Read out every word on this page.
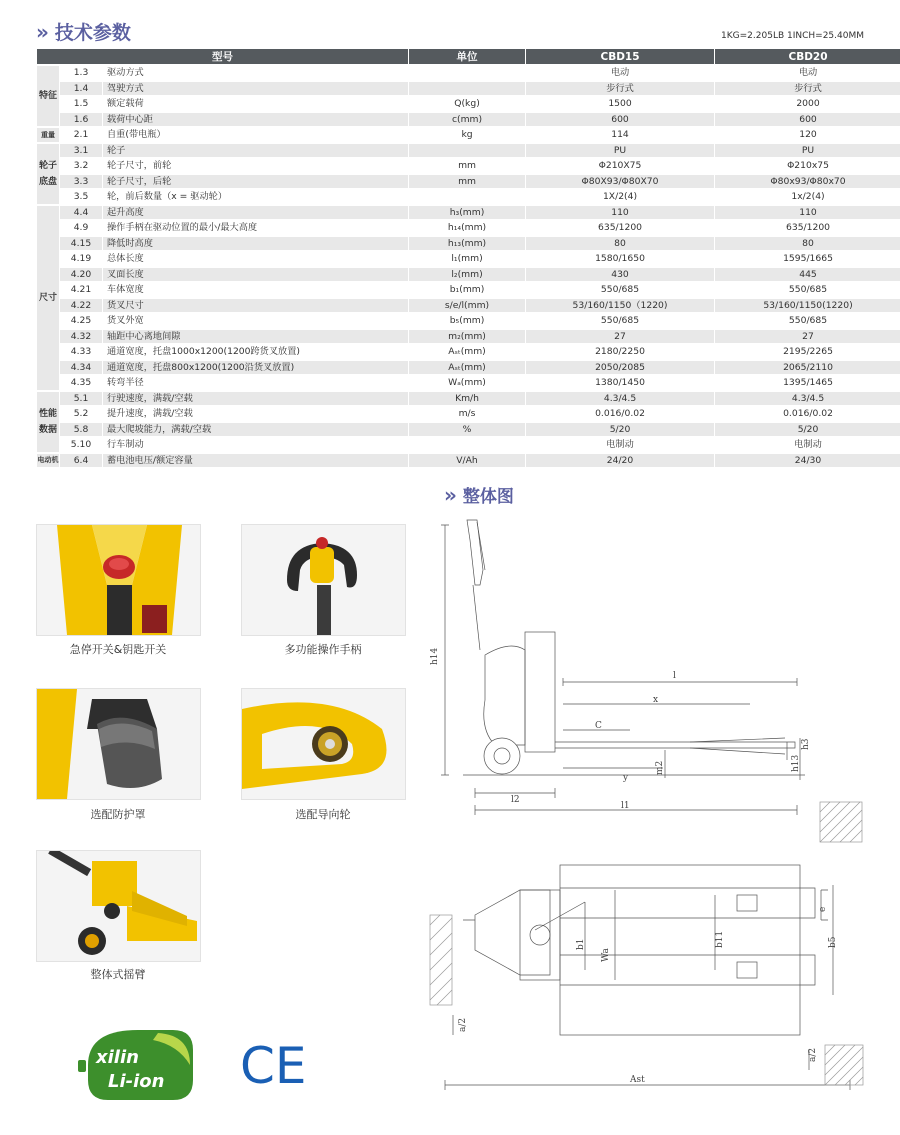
» 技术参数	1KG=2.205LB 1INCH=25.40MM
型号			单位	CBD15	CBD20
特征	1.3	驱动方式		电动	电动
	1.4	驾驶方式		步行式	步行式
	1.5	额定载荷	Q(kg)	1500	2000
	1.6	载荷中心距	c(mm)	600	600
重量	2.1	自重(带电瓶）	kg	114	120
轮子底盘	3.1	轮子		PU	PU
	3.2	轮子尺寸，前轮	mm	Φ210X75	Φ210x75
	3.3	轮子尺寸，后轮	mm	Φ80X93/Φ80X70	Φ80x93/Φ80x70
	3.5	轮，前后数量（x = 驱动轮）		1X/2(4)	1x/2(4)
尺寸	4.4	起升高度	h₃(mm)	110	110
	4.9	操作手柄在驱动位置的最小/最大高度	h₁₄(mm)	635/1200	635/1200
	4.15	降低时高度	h₁₃(mm)	80	80
	4.19	总体长度	l₁(mm)	1580/1650	1595/1665
	4.20	叉面长度	l₂(mm)	430	445
	4.21	车体宽度	b₁(mm)	550/685	550/685
	4.22	货叉尺寸	s/e/l(mm)	53/160/1150（1220)	53/160/1150(1220)
	4.25	货叉外宽	b₅(mm)	550/685	550/685
	4.32	轴距中心离地间隙	m₂(mm)	27	27
	4.33	通道宽度，托盘1000x1200(1200跨货叉放置)	Aₛₜ(mm)	2180/2250	2195/2265
	4.34	通道宽度，托盘800x1200(1200沿货叉放置)	Aₛₜ(mm)	2050/2085	2065/2110
	4.35	转弯半径	Wₐ(mm)	1380/1450	1395/1465
性能数据	5.1	行驶速度，满载/空载	Km/h	4.3/4.5	4.3/4.5
	5.2	提升速度，满载/空载	m/s	0.016/0.02	0.016/0.02
	5.8	最大爬坡能力，满载/空载	%	5/20	5/20
	5.10	行车制动		电制动	电制动
电动机	6.4	蓄电池电压/额定容量	V/Ah	24/20	24/30
» 整体图
急停开关&钥匙开关	多功能操作手柄
选配防护罩	选配导向轮
整体式摇臂
xilin
Li-ion CE
h14
l
x
C
y
m2	h13
h3
l2
l1
e
b1	b11	b5
Wa
a/2
a/2
Ast
